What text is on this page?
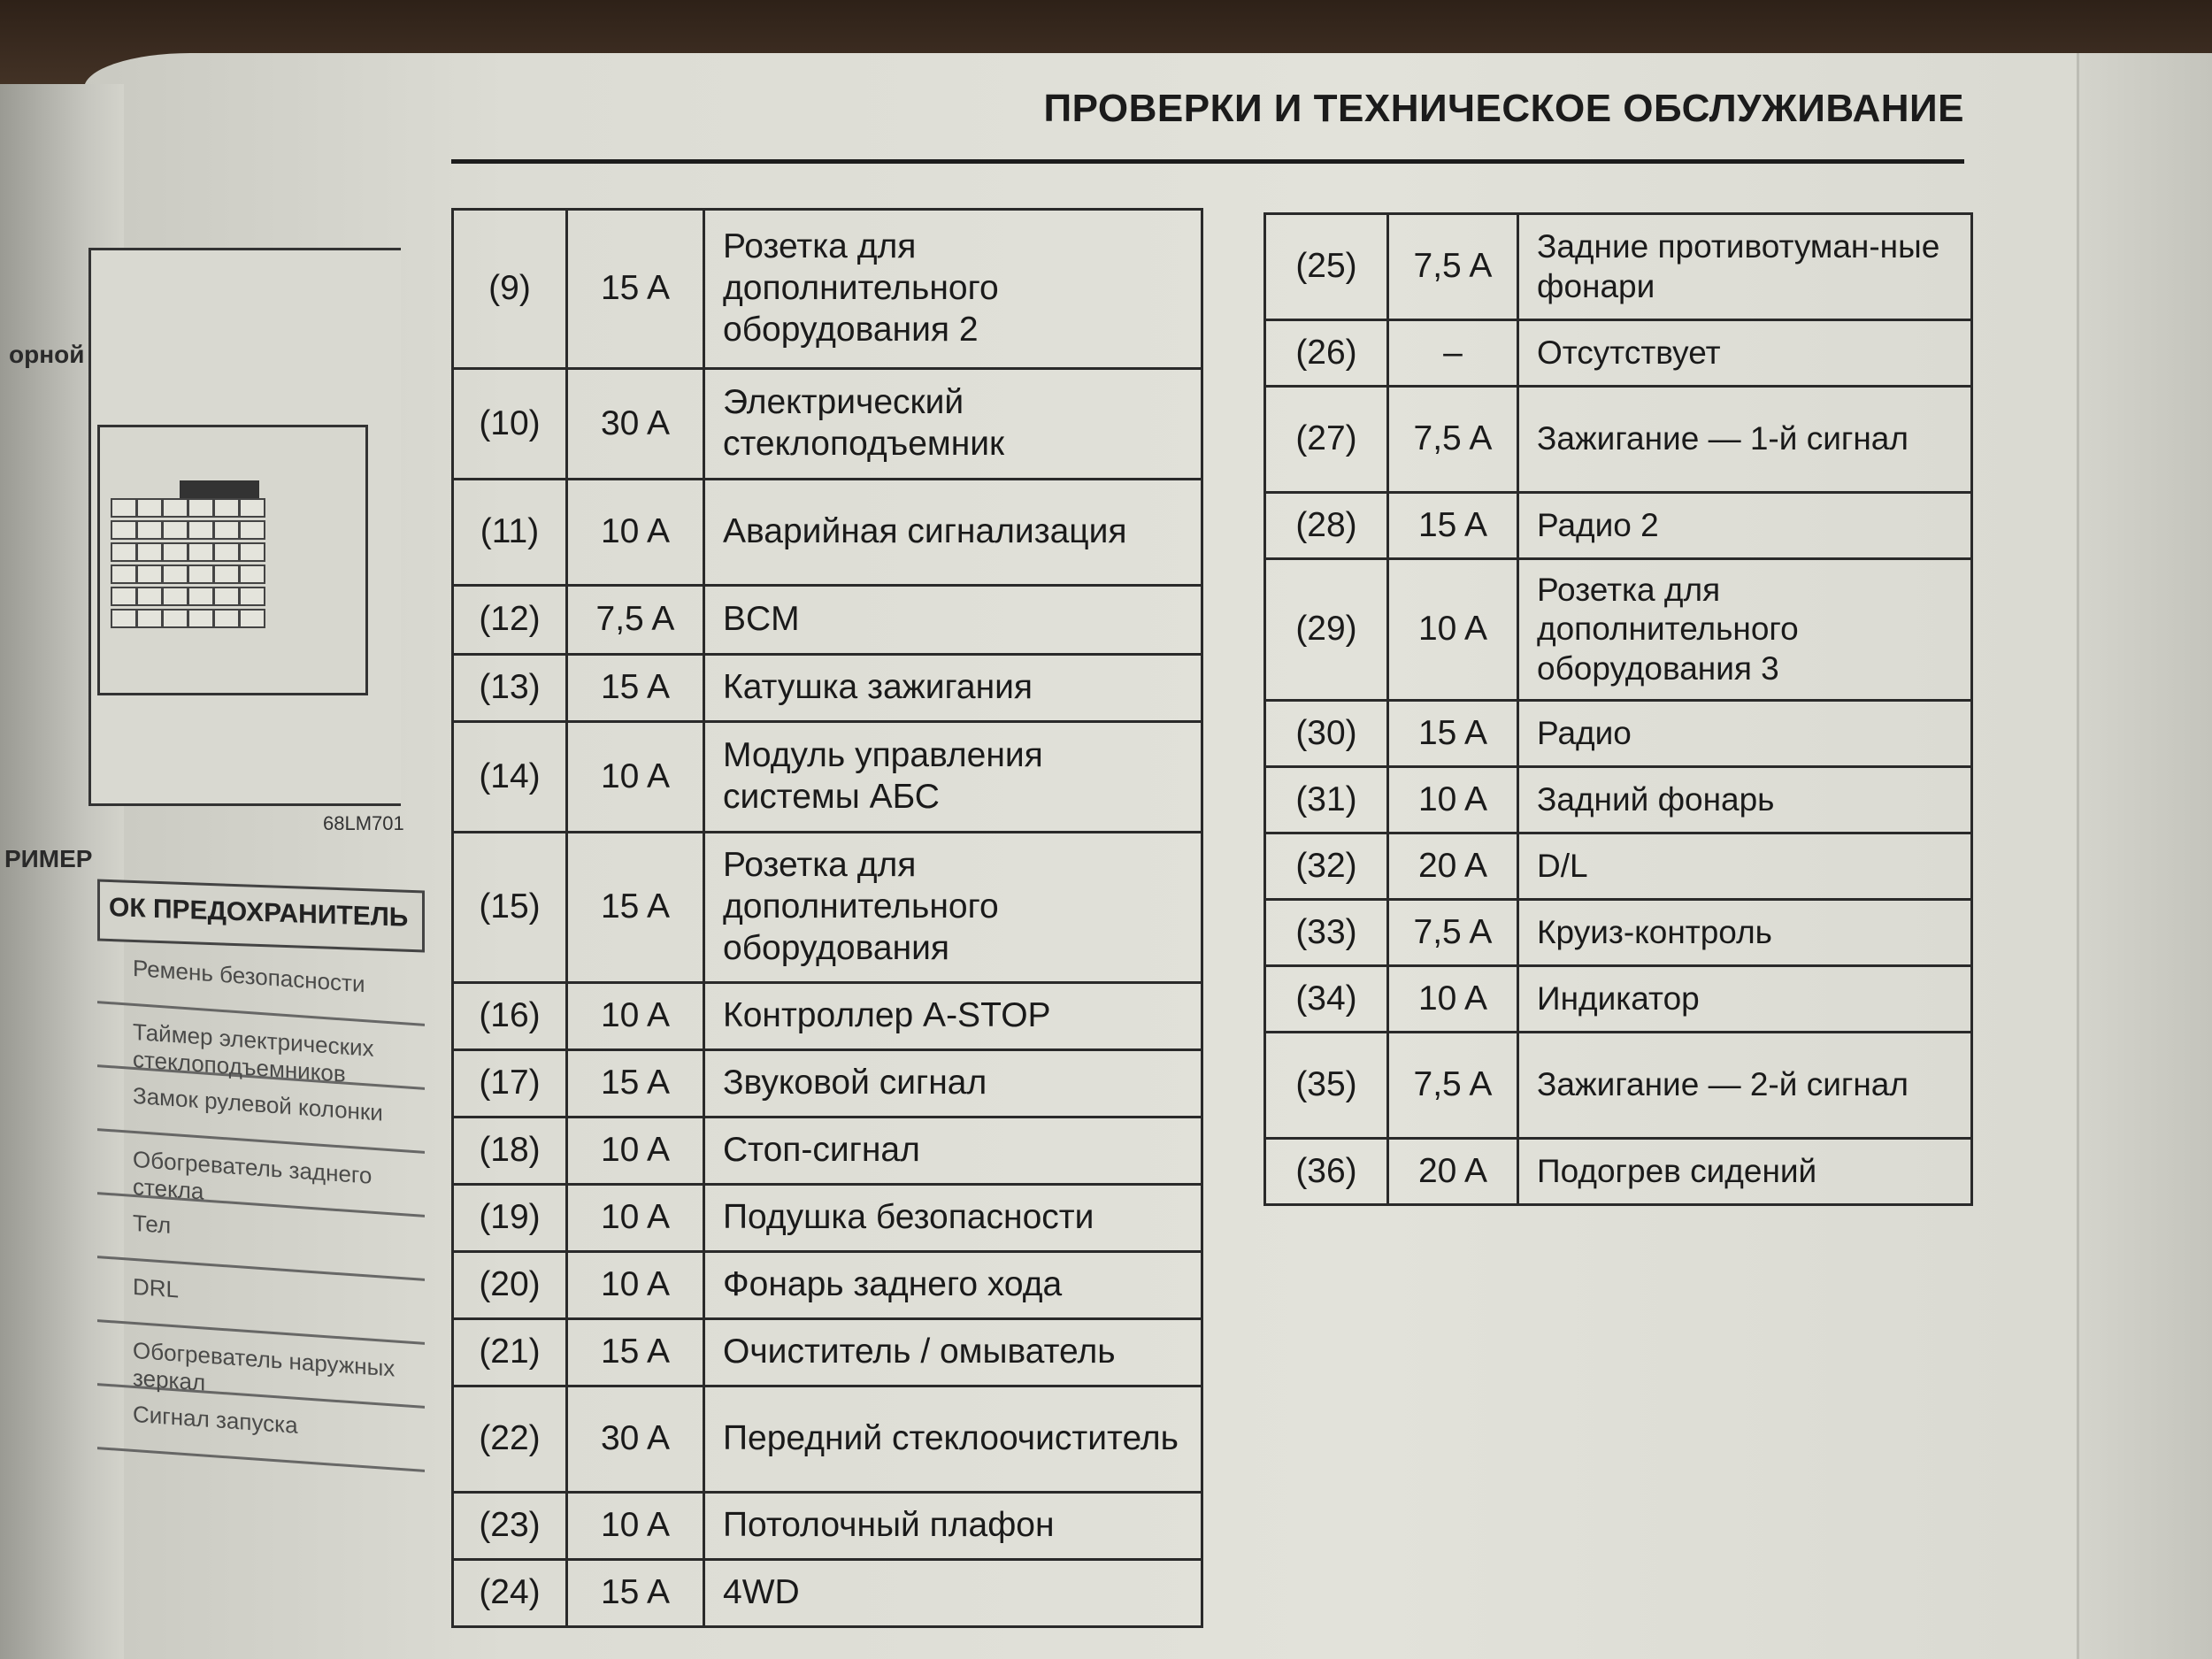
орной
РИМЕР
ПРОВЕРКИ И ТЕХНИЧЕСКОЕ ОБСЛУЖИВАНИЕ
68LM701
ОК ПРЕДОХРАНИТЕЛЬ
Ремень безопасности
Таймер электрических стеклоподъемников
Замок рулевой колонки
Обогреватель заднего стекла
Тел
DRL
Обогреватель наружных зеркал
Сигнал запуска
(9)	15 A	Розетка для дополнительного оборудования 2
(10)	30 A	Электрический стеклоподъемник
(11)	10 A	Аварийная сигнализация
(12)	7,5 A	BCM
(13)	15 A	Катушка зажигания
(14)	10 A	Модуль управления системы АБС
(15)	15 A	Розетка для дополнительного оборудования
(16)	10 A	Контроллер A-STOP
(17)	15 A	Звуковой сигнал
(18)	10 A	Стоп-сигнал
(19)	10 A	Подушка безопасности
(20)	10 A	Фонарь заднего хода
(21)	15 A	Очиститель / омыватель
(22)	30 A	Передний стеклоочиститель
(23)	10 A	Потолочный плафон
(24)	15 A	4WD
(25)	7,5 A	Задние противотуман-ные фонари
(26)	–	Отсутствует
(27)	7,5 A	Зажигание — 1-й сигнал
(28)	15 A	Радио 2
(29)	10 A	Розетка для дополнительного оборудования 3
(30)	15 A	Радио
(31)	10 A	Задний фонарь
(32)	20 A	D/L
(33)	7,5 A	Круиз-контроль
(34)	10 A	Индикатор
(35)	7,5 A	Зажигание — 2-й сигнал
(36)	20 A	Подогрев сидений
